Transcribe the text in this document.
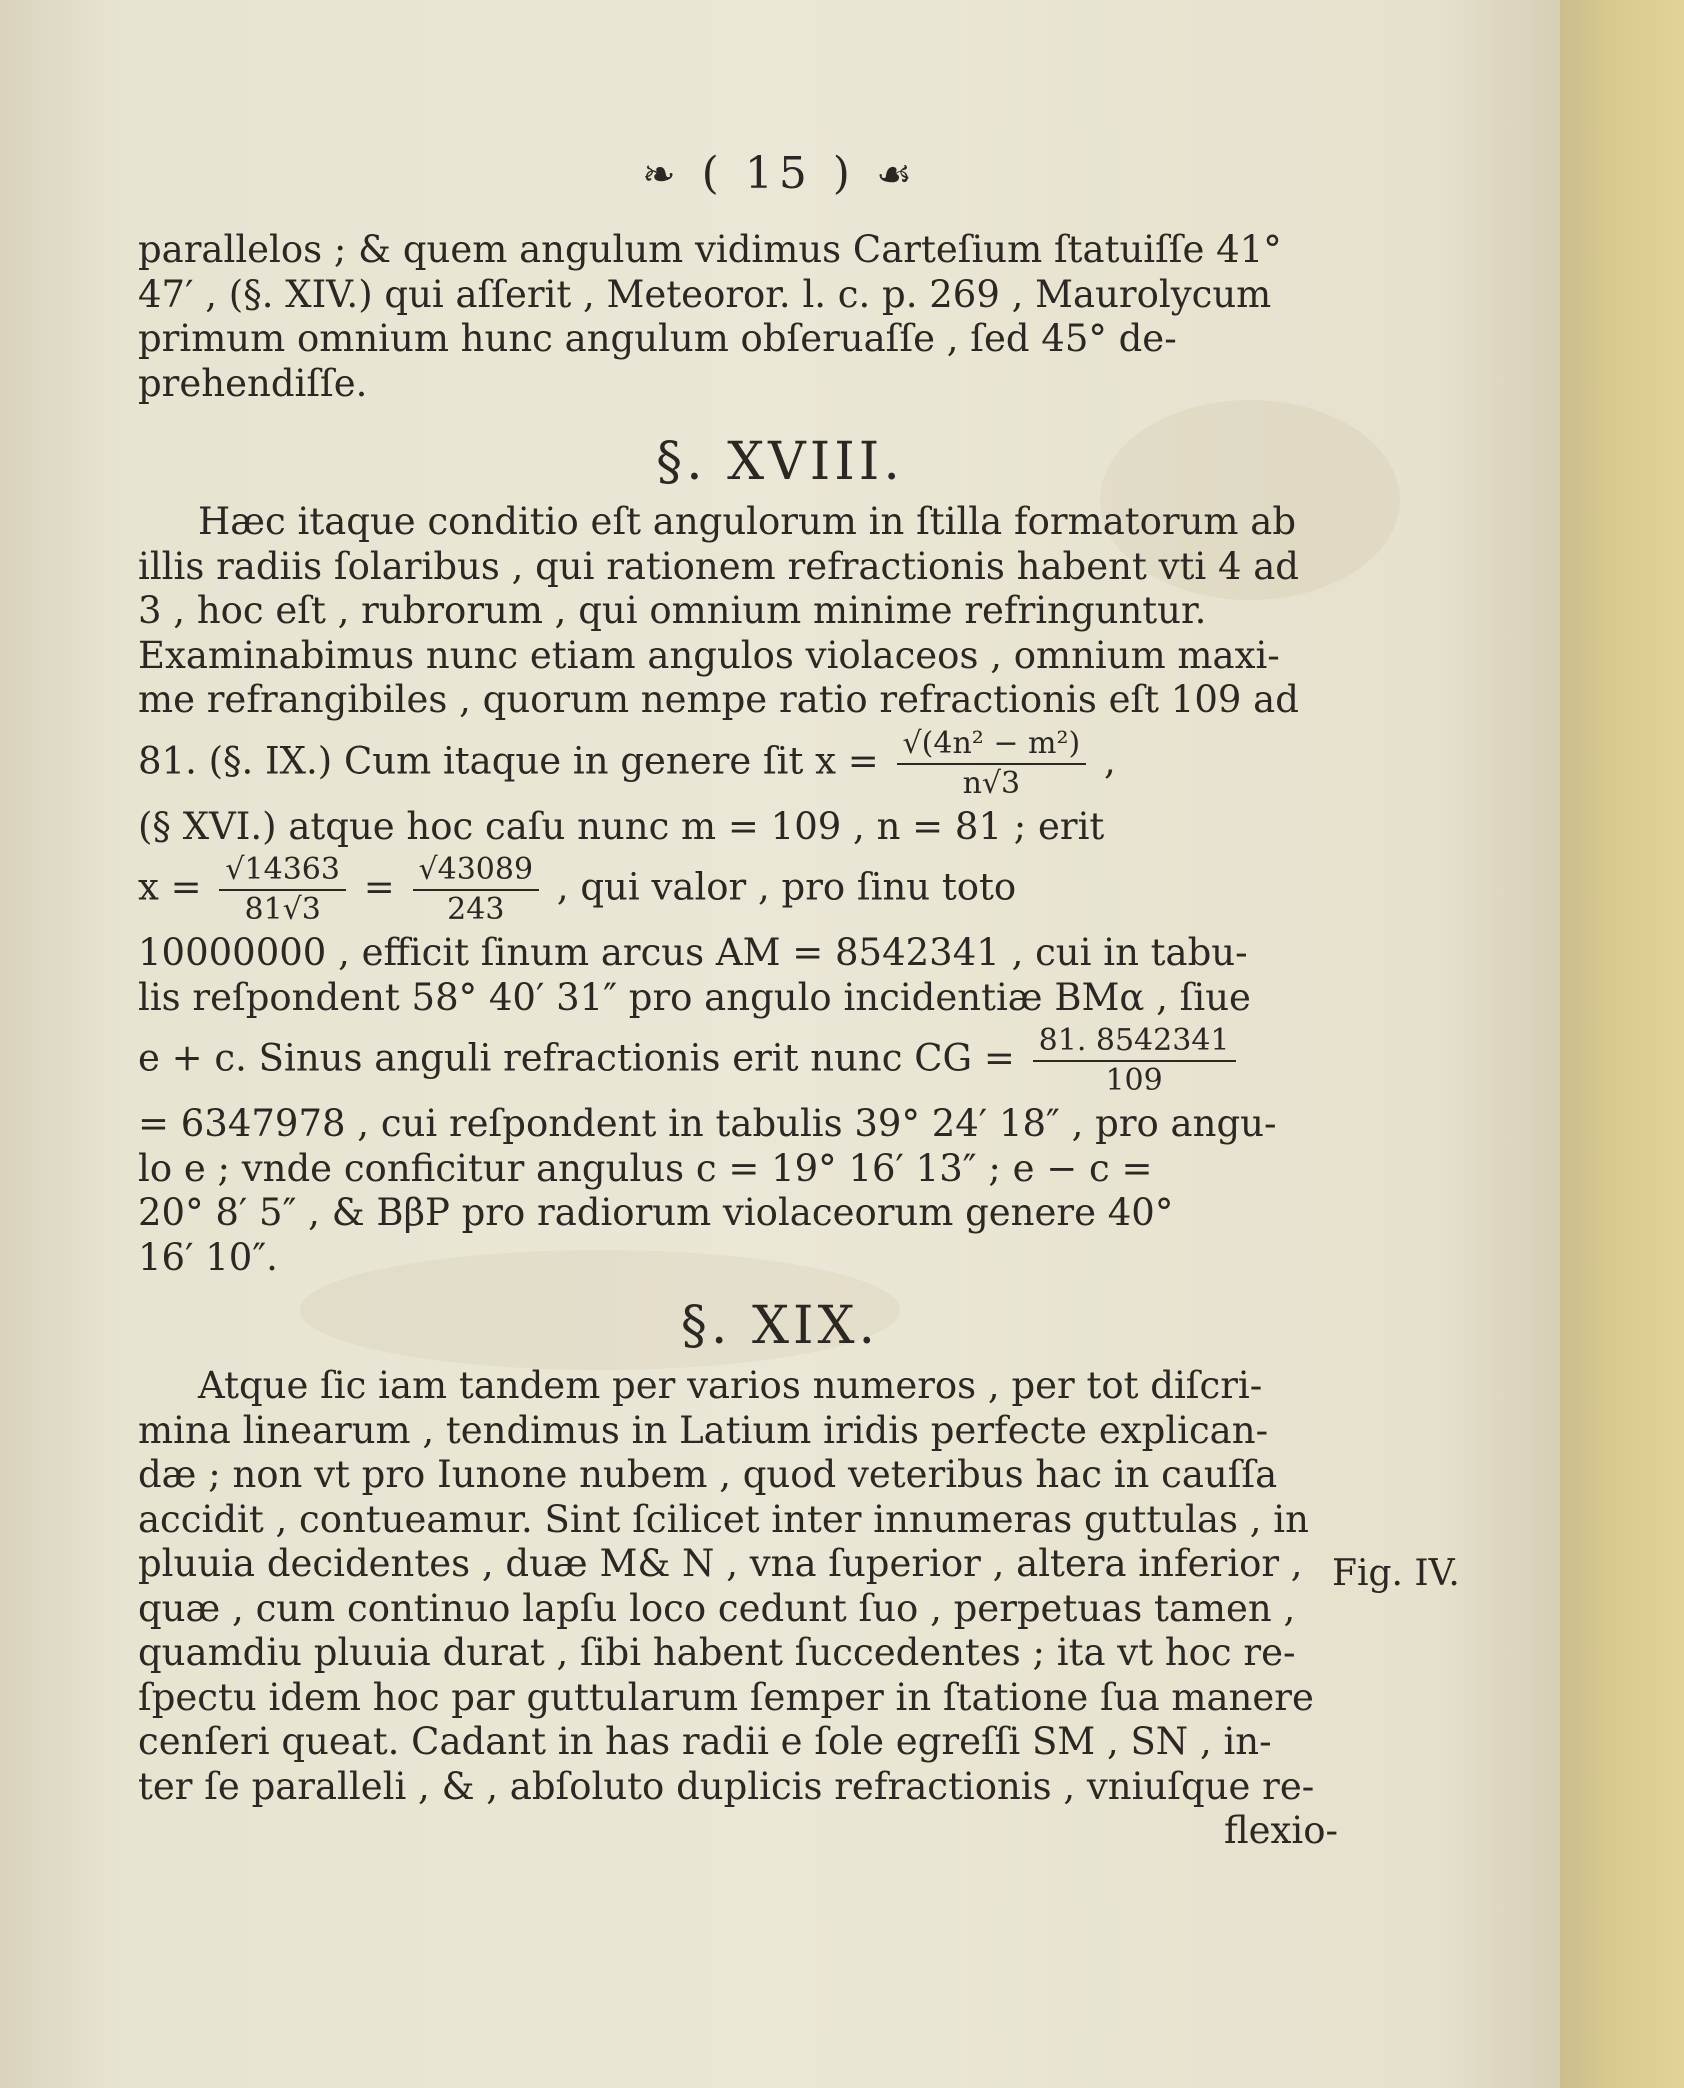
❧ ( 15 ) ☙

parallelos ; & quem angulum vidimus Carteſium ſtatuiſſe 41°

47′ , (§. XIV.) qui aſſerit , Meteoror. l. c. p. 269 , Maurolycum

primum omnium hunc angulum obſeruaſſe , ſed 45° de-

prehendiſſe.

§. XVIII.

Hæc itaque conditio eſt angulorum in ſtilla formatorum ab

illis radiis ſolaribus , qui rationem refractionis habent vti 4 ad

3 , hoc eſt , rubrorum , qui omnium minime refringuntur.

Examinabimus nunc etiam angulos violaceos , omnium maxi-

me refrangibiles , quorum nempe ratio refractionis eſt 109 ad

81. (§. IX.) Cum itaque in genere ſit $x = \frac{\text{√(4n² − m²)}}{n√3}$ ,

(§ XVI.) atque hoc caſu nunc m = 109 , n = 81 ; erit

$x = \frac{√14363}{81√3} = \frac{√43089}{243}$ , qui valor , pro ſinu toto

10000000 , efficit ſinum arcus AM = 8542341 , cui in tabu-

lis reſpondent 58° 40′ 31″ pro angulo incidentiæ BMα , ſiue

e + c. Sinus anguli refractionis erit nunc CG = $\frac{81. 8542341}{109}$

= 6347978 , cui reſpondent in tabulis 39° 24′ 18″ , pro angu-

lo e ; vnde conficitur angulus c = 19° 16′ 13″ ; e − c =

20° 8′ 5″ , & BβP pro radiorum violaceorum genere 40°

16′ 10″.

§. XIX.

Atque ſic iam tandem per varios numeros , per tot diſcri-

mina linearum , tendimus in Latium iridis perfecte explican-

dæ ; non vt pro Iunone nubem , quod veteribus hac in cauſſa

accidit , contueamur. Sint ſcilicet inter innumeras guttulas , in

pluuia decidentes , duæ M& N , vna ſuperior , altera inferior ,

quæ , cum continuo lapſu loco cedunt ſuo , perpetuas tamen ,

quamdiu pluuia durat , ſibi habent ſuccedentes ; ita vt hoc re-

ſpectu idem hoc par guttularum ſemper in ſtatione ſua manere

cenſeri queat. Cadant in has radii e ſole egreſſi SM , SN , in-

ter ſe paralleli , & , abſoluto duplicis refractionis , vniuſque re-

flexio-

Fig. IV.
